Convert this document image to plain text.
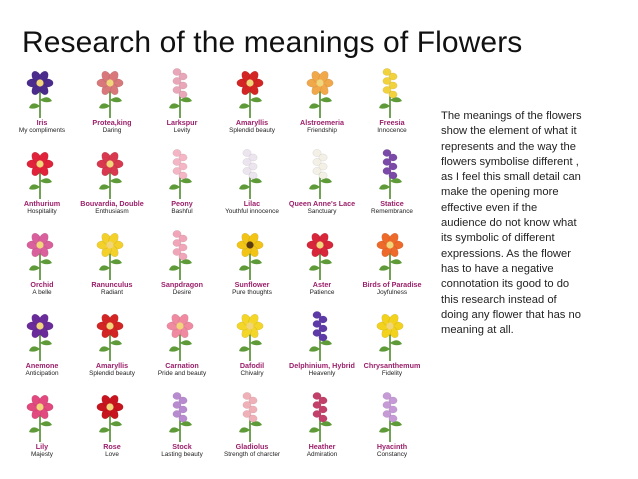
Research of the meanings of Flowers
Iris
My compliments
Protea,king
Daring
Larkspur
Levity
Amaryllis
Splendid beauty
Alstroemeria
Friendship
Freesia
Innocence
Anthurium
Hospitality
Bouvardia, Double
Enthusiasm
Peony
Bashful
Lilac
Youthful innocence
Queen Anne's Lace
Sanctuary
Statice
Remembrance
Orchid
A belle
Ranunculus
Radiant
Sanpdragon
Desire
Sunflower
Pure thoughts
Aster
Patience
Birds of Paradise
Joyfulness
Anemone
Anticipation
Amaryllis
Splendid beauty
Carnation
Pride and beauty
Dafodil
Chivalry
Delphinium, Hybrid
Heavenly
Chrysanthemum
Fidelity
Lily
Majesty
Rose
Love
Stock
Lasting beauty
Gladiolus
Strength of charcter
Heather
Admiration
Hyacinth
Constancy
The meanings of the flowers
show the element of what it
represents and the way the
flowers symbolise different ,
as I feel this small detail can
make the opening more
effective even if the
audience do not know what
its symbolic of different
expressions. As the flower
has to have a negative
connotation its good to do
this research instead of
doing any flower that has no
meaning at all.
